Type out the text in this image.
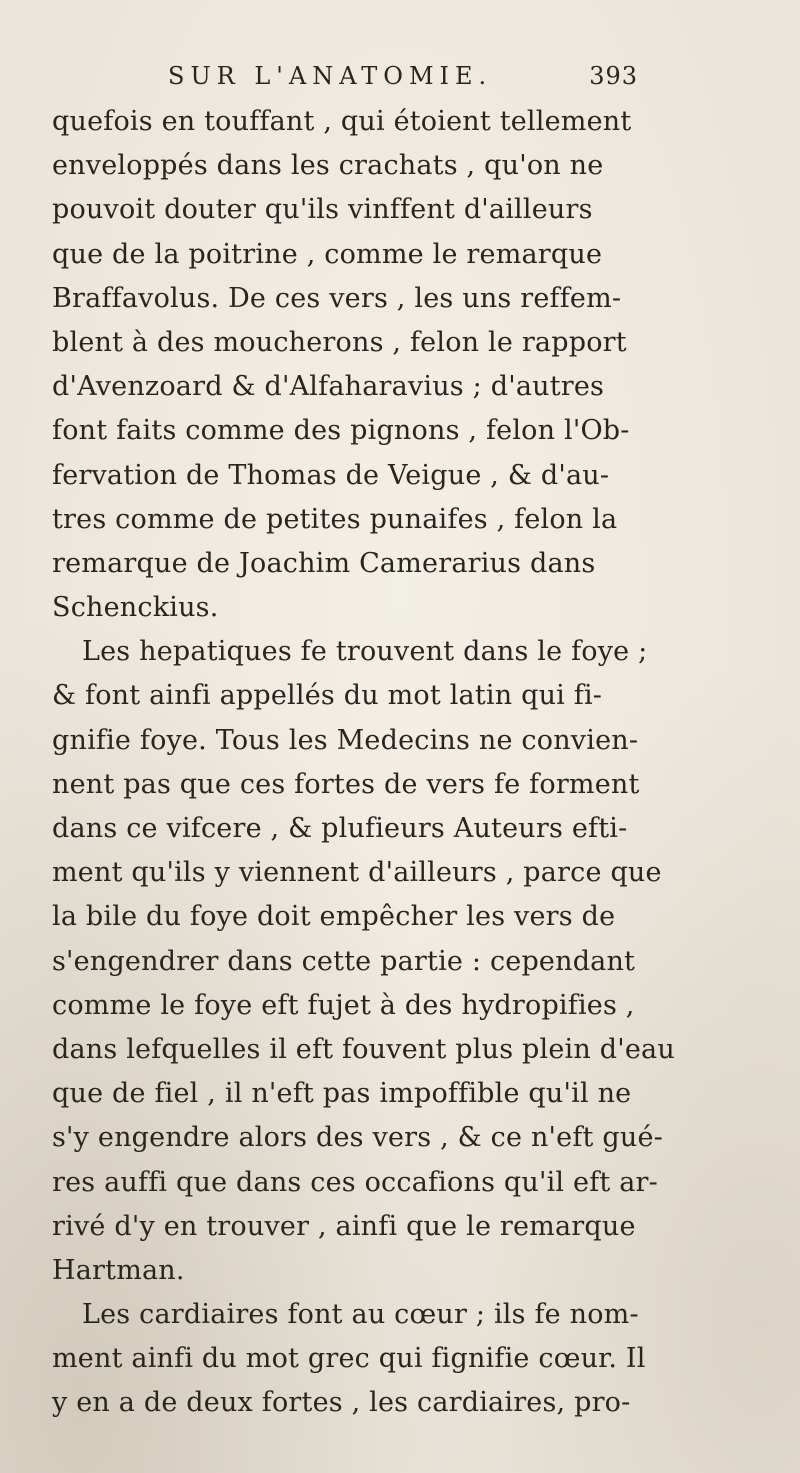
SUR L'ANATOMIE.	393
quefois en touffant , qui étoient tellement
enveloppés dans les crachats , qu'on ne
pouvoit douter qu'ils vinffent d'ailleurs
que de la poitrine , comme le remarque
Braffavolus. De ces vers , les uns reffem-
blent à des moucherons , felon le rapport
d'Avenzoard & d'Alfaharavius ; d'autres
font faits comme des pignons , felon l'Ob-
fervation de Thomas de Veigue , & d'au-
tres comme de petites punaifes , felon la
remarque de Joachim Camerarius dans
Schenckius.
Les hepatiques fe trouvent dans le foye ;
& font ainfi appellés du mot latin qui fi-
gnifie foye. Tous les Medecins ne convien-
nent pas que ces fortes de vers fe forment
dans ce vifcere , & plufieurs Auteurs efti-
ment qu'ils y viennent d'ailleurs , parce que
la bile du foye doit empêcher les vers de
s'engendrer dans cette partie : cependant
comme le foye eft fujet à des hydropifies ,
dans lefquelles il eft fouvent plus plein d'eau
que de fiel , il n'eft pas impoffible qu'il ne
s'y engendre alors des vers , & ce n'eft gué-
res auffi que dans ces occafions qu'il eft ar-
rivé d'y en trouver , ainfi que le remarque
Hartman.
Les cardiaires font au cœur ; ils fe nom-
ment ainfi du mot grec qui fignifie cœur. Il
y en a de deux fortes , les cardiaires, pro-
